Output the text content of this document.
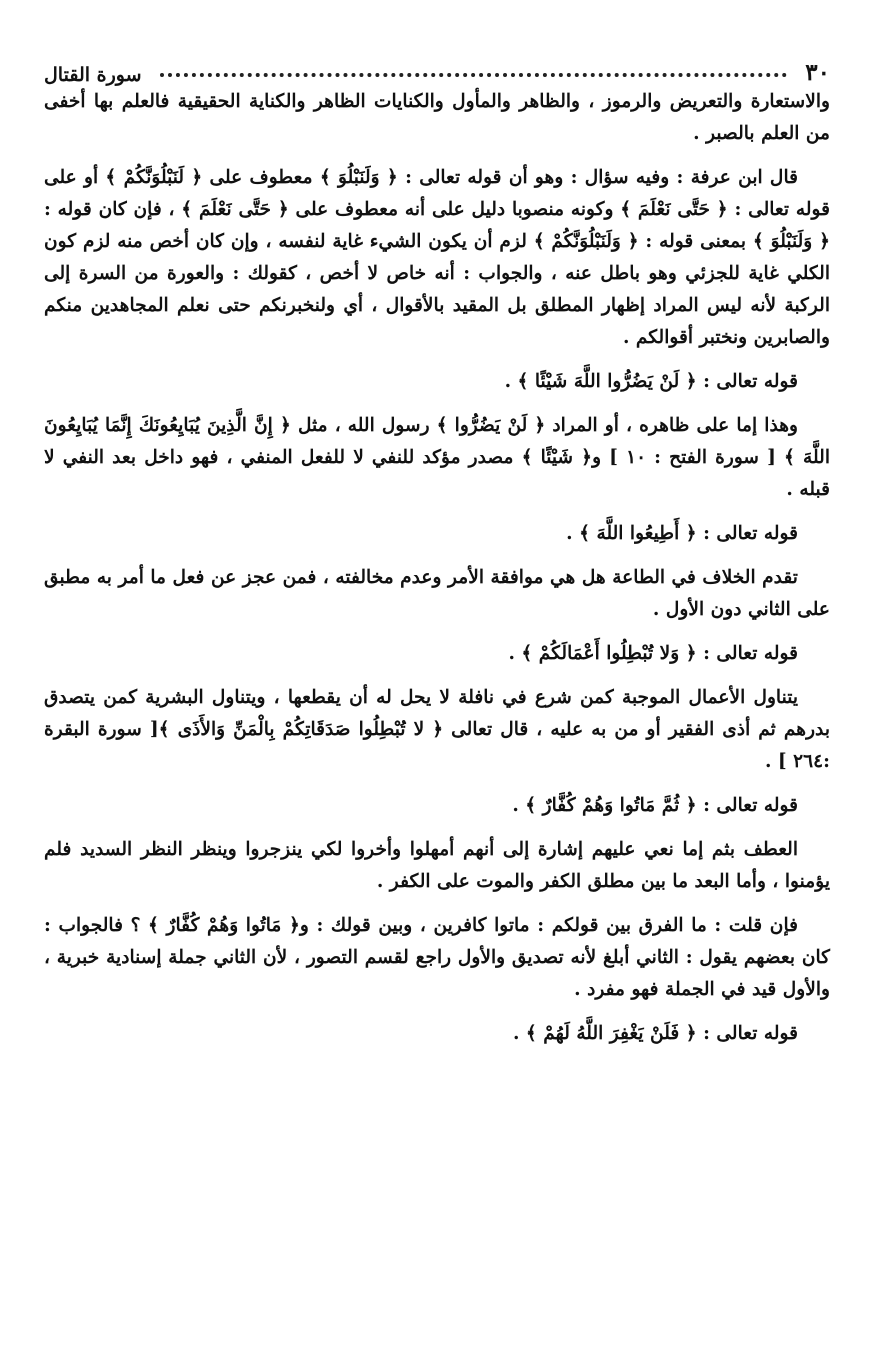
٣٠
سورة القتال

والاستعارة والتعريض والرموز ، والظاهر والمأول والكنايات الظاهر والكناية الحقيقية فالعلم بها أخفى من العلم بالصبر .

قال ابن عرفة : وفيه سؤال : وهو أن قوله تعالى : ﴿ وَلَنَبْلُوَ ﴾ معطوف على ﴿ لَنَبْلُوَنَّكُمْ ﴾ أو على قوله تعالى : ﴿ حَتَّى نَعْلَمَ ﴾ وكونه منصوبا دليل على أنه معطوف على ﴿ حَتَّى نَعْلَمَ ﴾ ، فإن كان قوله : ﴿ وَلَنَبْلُوَ ﴾ بمعنى قوله : ﴿ وَلَنَبْلُوَنَّكُمْ ﴾ لزم أن يكون الشيء غاية لنفسه ، وإن كان أخص منه لزم كون الكلي غاية للجزئي وهو باطل عنه ، والجواب : أنه خاص لا أخص ، كقولك : والعورة من السرة إلى الركبة لأنه ليس المراد إظهار المطلق بل المقيد بالأقوال ، أي ولنخبرنكم حتى نعلم المجاهدين منكم والصابرين ونختبر أقوالكم .

قوله تعالى : ﴿ لَنْ يَضُرُّوا اللَّهَ شَيْئًا ﴾ .

وهذا إما على ظاهره ، أو المراد ﴿ لَنْ يَضُرُّوا ﴾ رسول الله ، مثل ﴿ إِنَّ الَّذِينَ يُبَايِعُونَكَ إِنَّمَا يُبَايِعُونَ اللَّهَ ﴾ [ سورة الفتح : ١٠ ] و﴿ شَيْئًا ﴾ مصدر مؤكد للنفي لا للفعل المنفي ، فهو داخل بعد النفي لا قبله .

قوله تعالى : ﴿ أَطِيعُوا اللَّهَ ﴾ .

تقدم الخلاف في الطاعة هل هي موافقة الأمر وعدم مخالفته ، فمن عجز عن فعل ما أمر به مطبق على الثاني دون الأول .

قوله تعالى : ﴿ وَلا تُبْطِلُوا أَعْمَالَكُمْ ﴾ .

يتناول الأعمال الموجبة كمن شرع في نافلة لا يحل له أن يقطعها ، ويتناول البشرية كمن يتصدق بدرهم ثم أذى الفقير أو من به عليه ، قال تعالى ﴿ لا تُبْطِلُوا صَدَقَاتِكُمْ بِالْمَنِّ وَالأَذَى ﴾[ سورة البقرة :٢٦٤ ] .

قوله تعالى : ﴿ ثُمَّ مَاتُوا وَهُمْ كُفَّارٌ ﴾ .

العطف بثم إما نعي عليهم إشارة إلى أنهم أمهلوا وأخروا لكي ينزجروا وينظر النظر السديد فلم يؤمنوا ، وأما البعد ما بين مطلق الكفر والموت على الكفر .

فإن قلت : ما الفرق بين قولكم : ماتوا كافرين ، وبين قولك : و﴿ مَاتُوا وَهُمْ كُفَّارٌ ﴾ ؟ فالجواب : كان بعضهم يقول : الثاني أبلغ لأنه تصديق والأول راجع لقسم التصور ، لأن الثاني جملة إسنادية خبرية ، والأول قيد في الجملة فهو مفرد .

قوله تعالى : ﴿ فَلَنْ يَغْفِرَ اللَّهُ لَهُمْ ﴾ .
